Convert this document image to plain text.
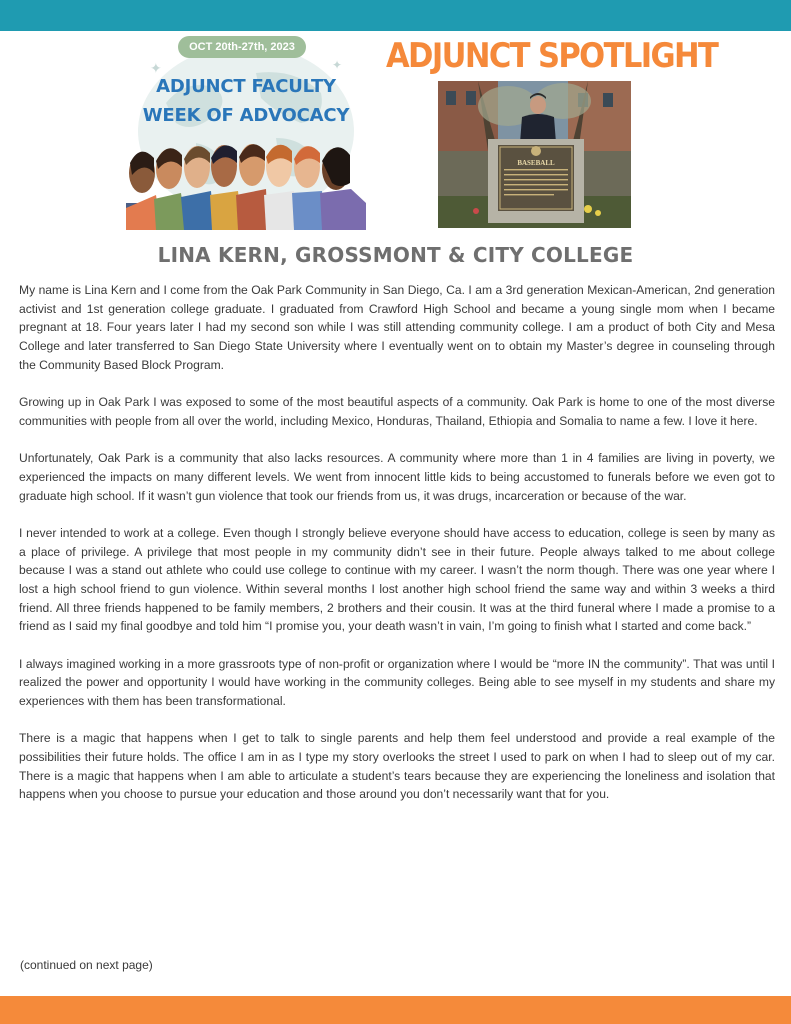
✦	✦
OCT 20th-27th, 2023
ADJUNCT FACULTY
WEEK OF ADVOCACY
ADJUNCT SPOTLIGHT
BASEBALL
LINA KERN, GROSSMONT & CITY COLLEGE

My name is Lina Kern and I come from the Oak Park Community in San Diego, Ca. I am a 3rd generation Mexican-American, 2nd generation activist and 1st generation college graduate. I graduated from Crawford High School and became a young single mom when I became pregnant at 18. Four years later I had my second son while I was still attending community college. I am a product of both City and Mesa College and later transferred to San Diego State University where I eventually went on to obtain my Master’s degree in counseling through the Community Based Block Program.

Growing up in Oak Park I was exposed to some of the most beautiful aspects of a community. Oak Park is home to one of the most diverse communities with people from all over the world, including Mexico, Honduras, Thailand, Ethiopia and Somalia to name a few. I love it here.

Unfortunately, Oak Park is a community that also lacks resources. A community where more than 1 in 4 families are living in poverty, we experienced the impacts on many different levels. We went from innocent little kids to being accustomed to funerals before we even got to graduate high school. If it wasn’t gun violence that took our friends from us, it was drugs, incarceration or because of the war.

I never intended to work at a college. Even though I strongly believe everyone should have access to education, college is seen by many as a place of privilege. A privilege that most people in my community didn’t see in their future. People always talked to me about college because I was a stand out athlete who could use college to continue with my career. I wasn’t the norm though. There was one year where I lost a high school friend to gun violence. Within several months I lost another high school friend the same way and within 3 weeks a third friend. All three friends happened to be family members, 2 brothers and their cousin. It was at the third funeral where I made a promise to a friend as I said my final goodbye and told him “I promise you, your death wasn’t in vain, I’m going to finish what I started and come back.”

I always imagined working in a more grassroots type of non-profit or organization where I would be “more IN the community”. That was until I realized the power and opportunity I would have working in the community colleges. Being able to see myself in my students and share my experiences with them has been transformational.

There is a magic that happens when I get to talk to single parents and help them feel understood and provide a real example of the possibilities their future holds. The office I am in as I type my story overlooks the street I used to park on when I had to sleep out of my car. There is a magic that happens when I am able to articulate a student’s tears because they are experiencing the loneliness and isolation that happens when you choose to pursue your education and those around you don’t necessarily want that for you.

(continued on next page)
